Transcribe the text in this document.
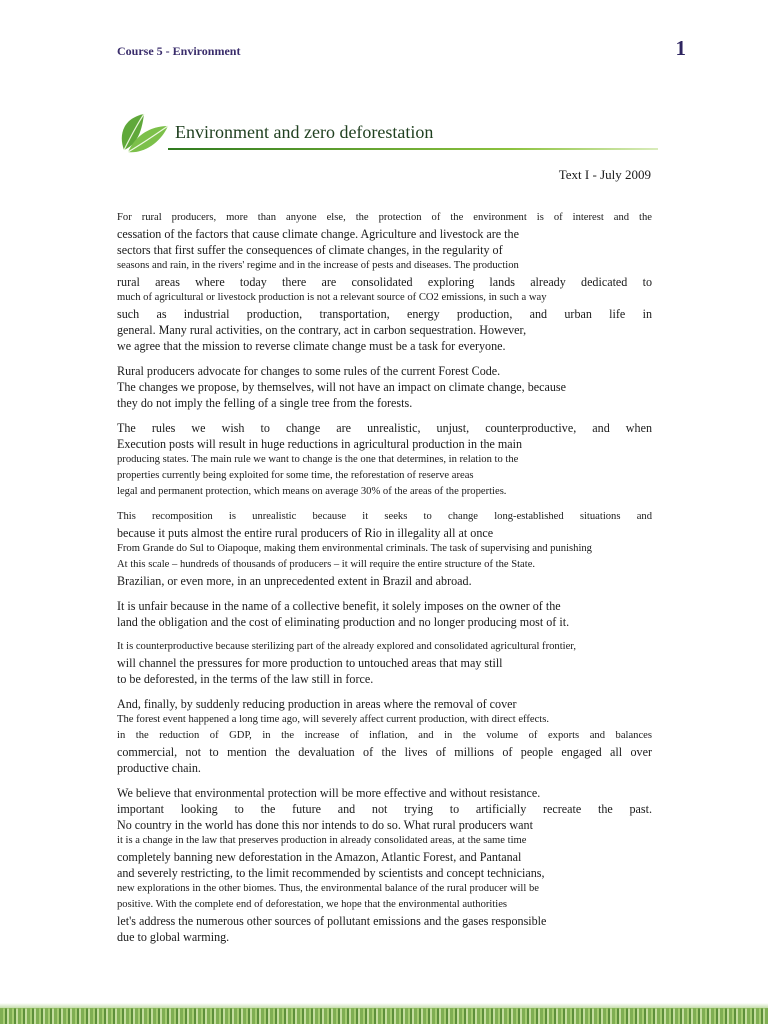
Course 5 - Environment	1
Environment and zero deforestation
Text I - July 2009
For rural producers, more than anyone else, the protection of the environment is of interest and the
cessation of the factors that cause climate change. Agriculture and livestock are the
sectors that first suffer the consequences of climate changes, in the regularity of
seasons and rain, in the rivers' regime and in the increase of pests and diseases. The production
rural areas where today there are consolidated exploring lands already dedicated to
much of agricultural or livestock production is not a relevant source of CO2 emissions, in such a way
such as industrial production, transportation, energy production, and urban life in
general. Many rural activities, on the contrary, act in carbon sequestration. However,
we agree that the mission to reverse climate change must be a task for everyone.
Rural producers advocate for changes to some rules of the current Forest Code.
The changes we propose, by themselves, will not have an impact on climate change, because
they do not imply the felling of a single tree from the forests.
The rules we wish to change are unrealistic, unjust, counterproductive, and when
Execution posts will result in huge reductions in agricultural production in the main
producing states. The main rule we want to change is the one that determines, in relation to the
properties currently being exploited for some time, the reforestation of reserve areas
legal and permanent protection, which means on average 30% of the areas of the properties.
This recomposition is unrealistic because it seeks to change long-established situations and
because it puts almost the entire rural producers of Rio in illegality all at once
From Grande do Sul to Oiapoque, making them environmental criminals. The task of supervising and punishing
At this scale – hundreds of thousands of producers – it will require the entire structure of the State.
Brazilian, or even more, in an unprecedented extent in Brazil and abroad.
It is unfair because in the name of a collective benefit, it solely imposes on the owner of the
land the obligation and the cost of eliminating production and no longer producing most of it.
It is counterproductive because sterilizing part of the already explored and consolidated agricultural frontier,
will channel the pressures for more production to untouched areas that may still
to be deforested, in the terms of the law still in force.
And, finally, by suddenly reducing production in areas where the removal of cover
The forest event happened a long time ago, will severely affect current production, with direct effects.
in the reduction of GDP, in the increase of inflation, and in the volume of exports and balances
commercial, not to mention the devaluation of the lives of millions of people engaged all over
productive chain.
We believe that environmental protection will be more effective and without resistance.
important looking to the future and not trying to artificially recreate the past.
No country in the world has done this nor intends to do so. What rural producers want
it is a change in the law that preserves production in already consolidated areas, at the same time
completely banning new deforestation in the Amazon, Atlantic Forest, and Pantanal
and severely restricting, to the limit recommended by scientists and concept technicians,
new explorations in the other biomes. Thus, the environmental balance of the rural producer will be
positive. With the complete end of deforestation, we hope that the environmental authorities
let's address the numerous other sources of pollutant emissions and the gases responsible
due to global warming.
